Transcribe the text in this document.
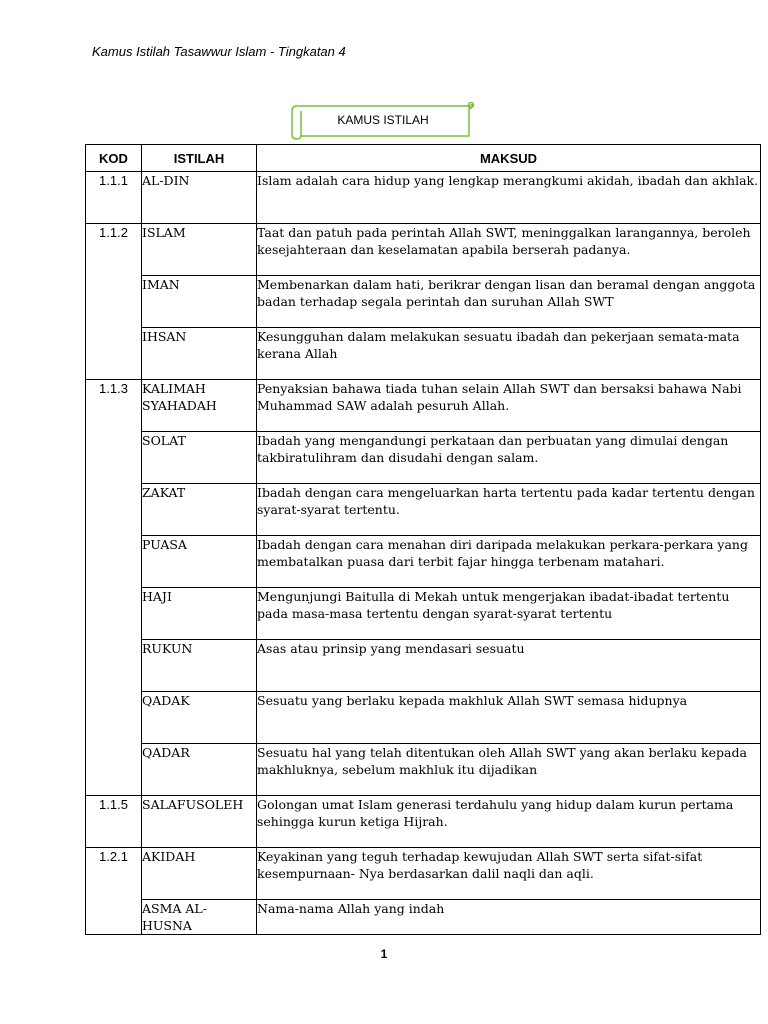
Kamus Istilah Tasawwur Islam - Tingkatan 4
KAMUS ISTILAH
KOD	ISTILAH	MAKSUD
1.1.1	AL-DIN	Islam adalah cara hidup yang lengkap merangkumi akidah, ibadah dan akhlak.
1.1.2	ISLAM	Taat dan patuh pada perintah Allah SWT, meninggalkan larangannya, beroleh kesejahteraan dan keselamatan apabila berserah padanya.
	IMAN	Membenarkan dalam hati, berikrar dengan lisan dan beramal dengan anggota badan terhadap segala perintah dan suruhan Allah SWT
	IHSAN	Kesungguhan dalam melakukan sesuatu ibadah dan pekerjaan semata-mata kerana Allah
1.1.3	KALIMAH SYAHADAH	Penyaksian bahawa tiada tuhan selain Allah SWT dan bersaksi bahawa Nabi Muhammad SAW adalah pesuruh Allah.
	SOLAT	Ibadah yang mengandungi perkataan dan perbuatan yang dimulai dengan takbiratulihram dan disudahi dengan salam.
	ZAKAT	Ibadah dengan cara mengeluarkan harta tertentu pada kadar tertentu dengan syarat-syarat tertentu.
	PUASA	Ibadah dengan cara menahan diri daripada melakukan perkara-perkara yang membatalkan puasa dari terbit fajar hingga terbenam matahari.
	HAJI	Mengunjungi Baitulla di Mekah untuk mengerjakan ibadat-ibadat tertentu pada masa-masa tertentu dengan syarat-syarat tertentu
	RUKUN	Asas atau prinsip yang mendasari sesuatu
	QADAK	Sesuatu yang berlaku kepada makhluk Allah SWT semasa hidupnya
	QADAR	Sesuatu hal yang telah ditentukan oleh Allah SWT yang akan berlaku kepada makhluknya, sebelum makhluk itu dijadikan
1.1.5	SALAFUSOLEH	Golongan umat Islam generasi terdahulu yang hidup dalam kurun pertama sehingga kurun ketiga Hijrah.
1.2.1	AKIDAH	Keyakinan yang teguh terhadap kewujudan Allah SWT serta sifat-sifat kesempurnaan- Nya berdasarkan dalil naqli dan aqli.
	ASMA AL-HUSNA	Nama-nama Allah yang indah
1
